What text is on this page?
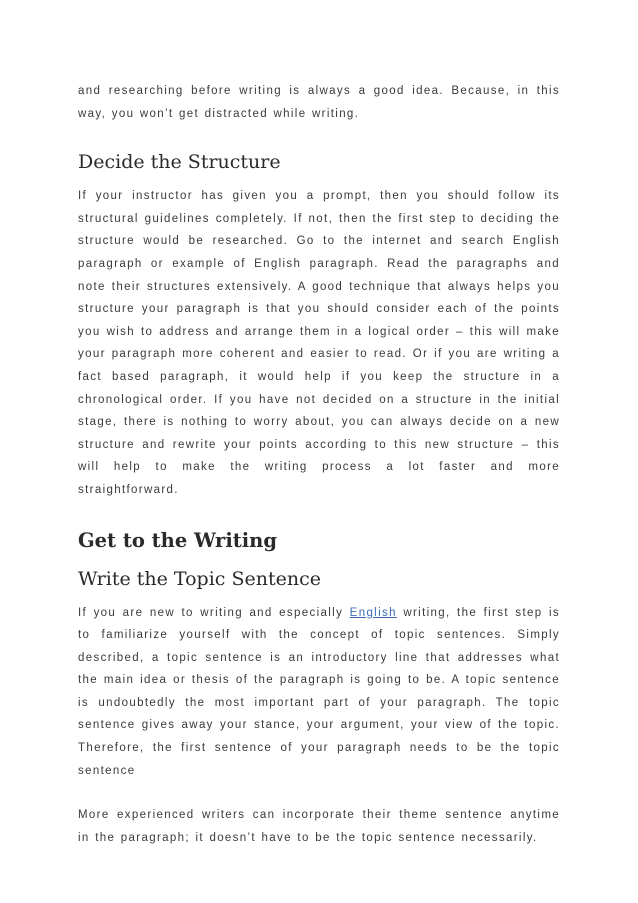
and researching before writing is always a good idea. Because, in this way, you won’t get distracted while writing.

Decide the Structure

If your instructor has given you a prompt, then you should follow its structural guidelines completely. If not, then the first step to deciding the structure would be researched. Go to the internet and search English paragraph or example of English paragraph. Read the paragraphs and note their structures extensively. A good technique that always helps you structure your paragraph is that you should consider each of the points you wish to address and arrange them in a logical order – this will make your paragraph more coherent and easier to read. Or if you are writing a fact based paragraph, it would help if you keep the structure in a chronological order. If you have not decided on a structure in the initial stage, there is nothing to worry about, you can always decide on a new structure and rewrite your points according to this new structure – this will help to make the writing process a lot faster and more straightforward.

Get to the Writing
Write the Topic Sentence

If you are new to writing and especially English writing, the first step is to familiarize yourself with the concept of topic sentences. Simply described, a topic sentence is an introductory line that addresses what the main idea or thesis of the paragraph is going to be. A topic sentence is undoubtedly the most important part of your paragraph. The topic sentence gives away your stance, your argument, your view of the topic. Therefore, the first sentence of your paragraph needs to be the topic sentence

More experienced writers can incorporate their theme sentence anytime in the paragraph; it doesn’t have to be the topic sentence necessarily.
